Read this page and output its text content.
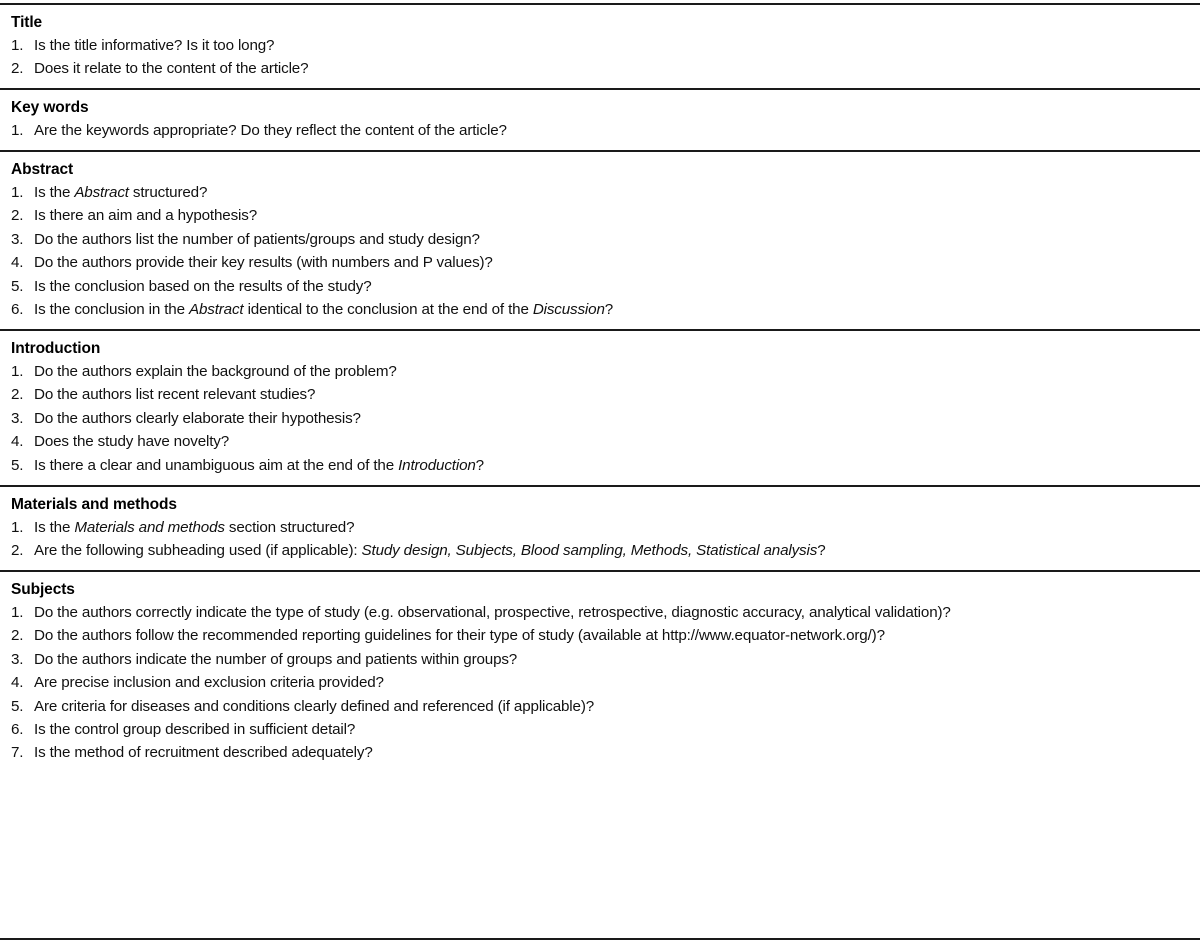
Title
1. Is the title informative? Is it too long?
2. Does it relate to the content of the article?
Key words
1. Are the keywords appropriate? Do they reflect the content of the article?
Abstract
1. Is the Abstract structured?
2. Is there an aim and a hypothesis?
3. Do the authors list the number of patients/groups and study design?
4. Do the authors provide their key results (with numbers and P values)?
5. Is the conclusion based on the results of the study?
6. Is the conclusion in the Abstract identical to the conclusion at the end of the Discussion?
Introduction
1. Do the authors explain the background of the problem?
2. Do the authors list recent relevant studies?
3. Do the authors clearly elaborate their hypothesis?
4. Does the study have novelty?
5. Is there a clear and unambiguous aim at the end of the Introduction?
Materials and methods
1. Is the Materials and methods section structured?
2. Are the following subheading used (if applicable): Study design, Subjects, Blood sampling, Methods, Statistical analysis?
Subjects
1. Do the authors correctly indicate the type of study (e.g. observational, prospective, retrospective, diagnostic accuracy, analytical validation)?
2. Do the authors follow the recommended reporting guidelines for their type of study (available at http://www.equator-network.org/)?
3. Do the authors indicate the number of groups and patients within groups?
4. Are precise inclusion and exclusion criteria provided?
5. Are criteria for diseases and conditions clearly defined and referenced (if applicable)?
6. Is the control group described in sufficient detail?
7. Is the method of recruitment described adequately?
